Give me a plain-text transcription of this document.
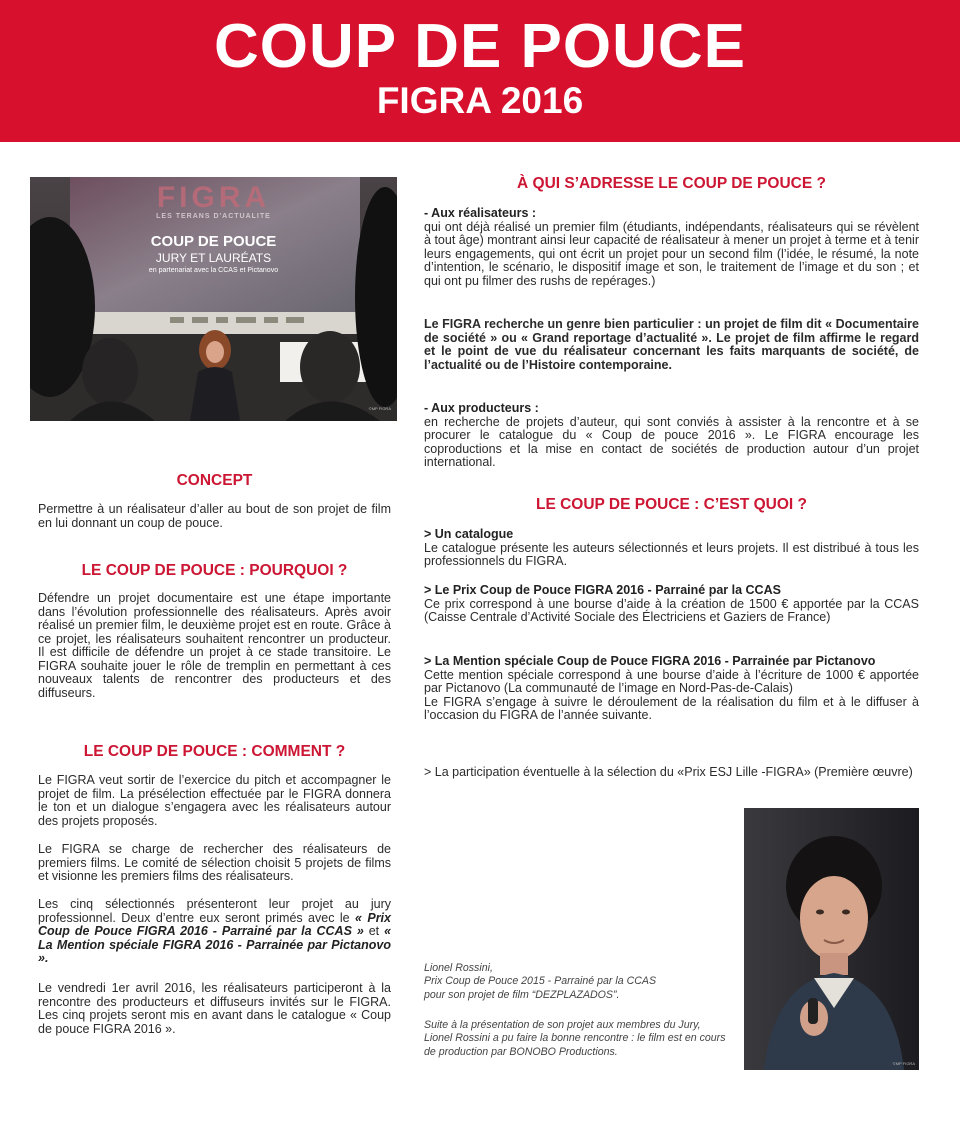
COUP DE POUCE
FIGRA 2016
FIGRA
LES TERANS D'ACTUALITE
COUP DE POUCE
JURY ET LAURÉATS
en partenariat avec la CCAS et Pictanovo
©MP FIGRA
CONCEPT

Permettre à un réalisateur d’aller au bout de son projet de film en lui donnant un coup de pouce.

LE COUP DE POUCE : POURQUOI ?

Défendre un projet documentaire est une étape importante dans l’évolution professionnelle des réalisateurs. Après avoir réalisé un premier film, le deuxième projet est en route. Grâce à ce projet, les réalisateurs souhaitent rencontrer un producteur. Il est difficile de défendre un projet à ce stade transitoire. Le FIGRA souhaite jouer le rôle de tremplin en permettant à ces nouveaux talents de rencontrer des producteurs et des diffuseurs.

LE COUP DE POUCE : COMMENT ?

Le FIGRA veut sortir de l’exercice du pitch et accompagner le projet de film. La présélection effectuée par le FIGRA donnera le ton et un dialogue s’engagera avec les réalisateurs autour des projets proposés.

Le FIGRA se charge de rechercher des réalisateurs de premiers films. Le comité de sélection choisit 5 projets de films et visionne les premiers films des réalisateurs.

Les cinq sélectionnés présenteront leur projet au jury professionnel. Deux d’entre eux seront primés avec le « Prix Coup de Pouce FIGRA 2016 - Parrainé par la CCAS » et « La Mention spéciale FIGRA 2016 - Parrainée par Pictanovo ».

Le vendredi 1er avril 2016, les réalisateurs participeront à la rencontre des producteurs et diffuseurs invités sur le FIGRA. Les cinq projets seront mis en avant dans le catalogue « Coup de pouce FIGRA 2016 ».

À QUI S’ADRESSE LE COUP DE POUCE ?

- Aux réalisateurs :
qui ont déjà réalisé un premier film (étudiants, indépendants, réalisateurs qui se révèlent à tout âge) montrant ainsi leur capacité de réalisateur à mener un projet à terme et à tenir leurs engagements, qui ont écrit un projet pour un second film (l’idée, le résumé, la note d’intention, le scénario, le dispositif image et son, le traitement de l’image et du son ; et qui ont pu filmer des rushs de repérages.)

Le FIGRA recherche un genre bien particulier : un projet de film dit « Documentaire de société » ou « Grand reportage d’actualité ». Le projet de film affirme le regard et le point de vue du réalisateur concernant les faits marquants de société, de l’actualité ou de l’Histoire contemporaine.

- Aux producteurs :
en recherche de projets d’auteur, qui sont conviés à assister à la rencontre et à se procurer le catalogue du « Coup de pouce 2016 ». Le FIGRA encourage les coproductions et la mise en contact de sociétés de production autour d’un projet international.

LE COUP DE POUCE : C’EST QUOI ?

> Un catalogue
Le catalogue présente les auteurs sélectionnés et leurs projets. Il est distribué à tous les professionnels du FIGRA.

> Le Prix Coup de Pouce FIGRA 2016 - Parrainé par la CCAS
Ce prix correspond à une bourse d’aide à la création de 1500 € apportée par la CCAS (Caisse Centrale d’Activité Sociale des Électriciens et Gaziers de France)

> La Mention spéciale Coup de Pouce FIGRA 2016 - Parrainée par Pictanovo
Cette mention spéciale correspond à une bourse d’aide à l’écriture de 1000 € apportée par Pictanovo (La communauté de l’image en Nord-Pas-de-Calais)
Le FIGRA s’engage à suivre le déroulement de la réalisation du film et à le diffuser à l’occasion du FIGRA de l’année suivante.

> La participation éventuelle à la sélection du «Prix ESJ Lille -FIGRA» (Première œuvre)

Lionel Rossini,
Prix Coup de Pouce 2015 - Parrainé par la CCAS
pour son projet de film “DEZPLAZADOS”.

Suite à la présentation de son projet aux membres du Jury, Lionel Rossini a pu faire la bonne rencontre : le film est en cours de production par BONOBO Productions.

©MP FIGRA
